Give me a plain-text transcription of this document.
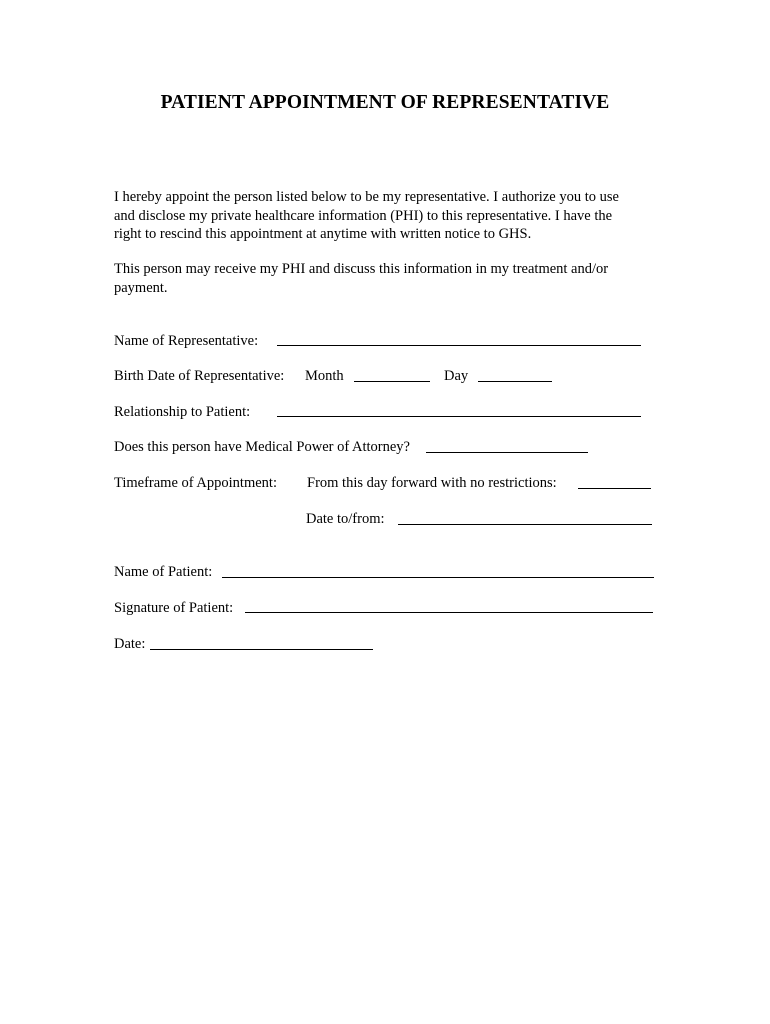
PATIENT APPOINTMENT OF REPRESENTATIVE
I hereby appoint the person listed below to be my representative. I authorize you to use
and disclose my private healthcare information (PHI) to this representative. I have the
right to rescind this appointment at anytime with written notice to GHS.
This person may receive my PHI and discuss this information in my treatment and/or
payment.
Name of Representative:
Birth Date of Representative: Month	Day
Relationship to Patient:
Does this person have Medical Power of Attorney?
Timeframe of Appointment: From this day forward with no restrictions:
Date to/from:
Name of Patient:
Signature of Patient:
Date:
